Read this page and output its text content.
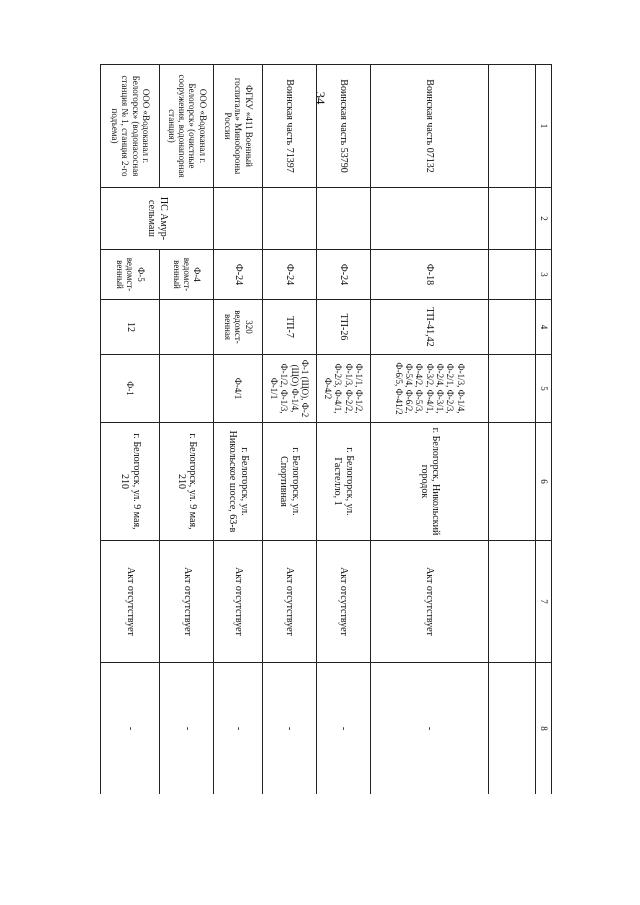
34
1	2	3	4	5	6	7	8

Воинская часть 07132		Ф-18	ТП-41,42	Ф-1/3, Ф-1/4, Ф-2/1, Ф-2/3, Ф-2/4, Ф-3/1, Ф-3/2, Ф-4/1, Ф-4/2, Ф-5/3, Ф-5/4, Ф-6/2, Ф-6/5, Ф-41/2	г. Белогорск, Никольский городок	Акт отсутствует	-
Воинская часть 53790		Ф-24	ТП-26	Ф-1/1, Ф-1/2, Ф-1/3, Ф-2/2, Ф-2/3, Ф-4/1, Ф-4/2	г. Белогорск, ул. Гастелло, 1	Акт отсутствует	-
Воинская часть 71397		Ф-24	ТП-7	Ф-1 (ЩО), Ф-2 (ЩО) Ф-1/4, Ф-1/2, Ф-1/3, Ф-1/1	г. Белогорск, ул. Спортивная	Акт отсутствует	-
ФГКУ «411 Военный госпиталь» Минобороны России		Ф-24	320 ведомст-венная	Ф-4/1	г. Белогорск, ул. Никольское шоссе, 63-в	Акт отсутствует	-
ООО «Водоканал г. Белогорск» (очистные сооружения, водонапорная станция)	ПС Амур-сельмаш	Ф-4 ведомст-венный			г. Белогорск, ул. 9 мая, 210	Акт отсутствует	-
ООО «Водоканал г. Белогорск» (водонасосная станция № 1, станция 2-го подъема)		Ф-5 ведомст-венный	12	Ф-1	г. Белогорск, ул. 9 мая, 210	Акт отсутствует	-
